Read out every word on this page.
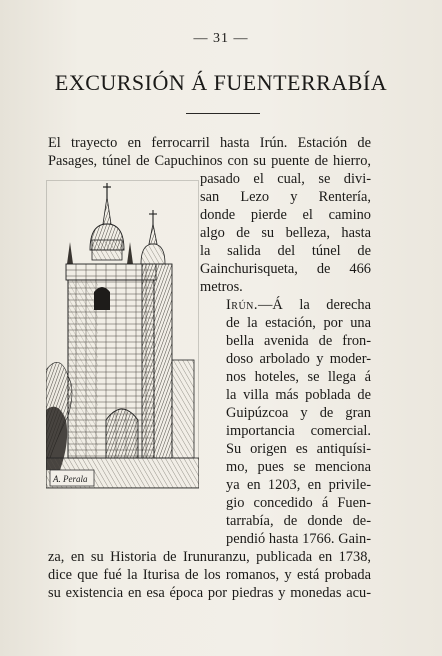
— 31 —
EXCURSIÓN Á FUENTERRABÍA
El trayecto en ferrocarril hasta Irún. Estación de
Pasages, túnel de Capuchinos con su puente de hierro,
pasado el cual, se divi-
san Lezo y Rentería,
donde pierde el camino
algo de su belleza, hasta
la salida del túnel de
Gainchurisqueta, de 466
metros.
Irún.—Á la derecha
de la estación, por una
bella avenida de fron-
doso arbolado y moder-
nos hoteles, se llega á
la villa más poblada de
Guipúzcoa y de gran
importancia comercial.
Su origen es antiquísi-
mo, pues se menciona
ya en 1203, en privile-
gio concedido á Fuen-
tarrabía, de donde de-
pendió hasta 1766. Gain-
za, en su Historia de Irunuranzu, publicada en 1738,
dice que fué la Iturisa de los romanos, y está probada
su existencia en esa época por piedras y monedas acu-
A. Perala
